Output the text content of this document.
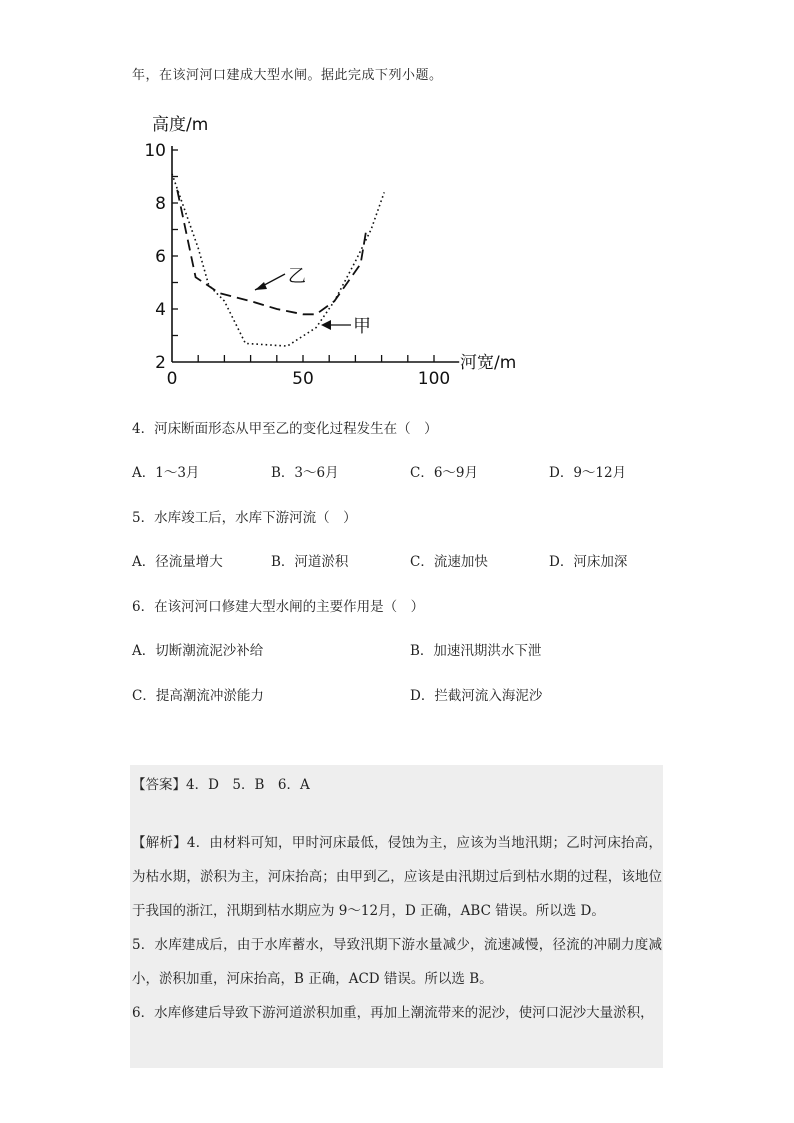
年，在该河河口建成大型水闸。据此完成下列小题。
0	50	100
2
4
6
8
10
高度/m
河宽/m
乙
甲
4．河床断面形态从甲至乙的变化过程发生在（　）
A．1～3月	B．3～6月	C．6～9月	D．9～12月
5．水库竣工后，水库下游河流（　）
A．径流量增大	B．河道淤积	C．流速加快	D．河床加深
6．在该河河口修建大型水闸的主要作用是（　）
A．切断潮流泥沙补给	B．加速汛期洪水下泄
C．提高潮流冲淤能力	D．拦截河流入海泥沙
【答案】4．D　5．B　6．A

【解析】4．由材料可知，甲时河床最低，侵蚀为主，应该为当地汛期；乙时河床抬高，为枯水期，淤积为主，河床抬高；由甲到乙，应该是由汛期过后到枯水期的过程，该地位于我国的浙江，汛期到枯水期应为 9～12月，D 正确，ABC 错误。所以选 D。

5．水库建成后，由于水库蓄水，导致汛期下游水量减少，流速减慢，径流的冲刷力度减小，淤积加重，河床抬高，B 正确，ACD 错误。所以选 B。

6．水库修建后导致下游河道淤积加重，再加上潮流带来的泥沙，使河口泥沙大量淤积，
